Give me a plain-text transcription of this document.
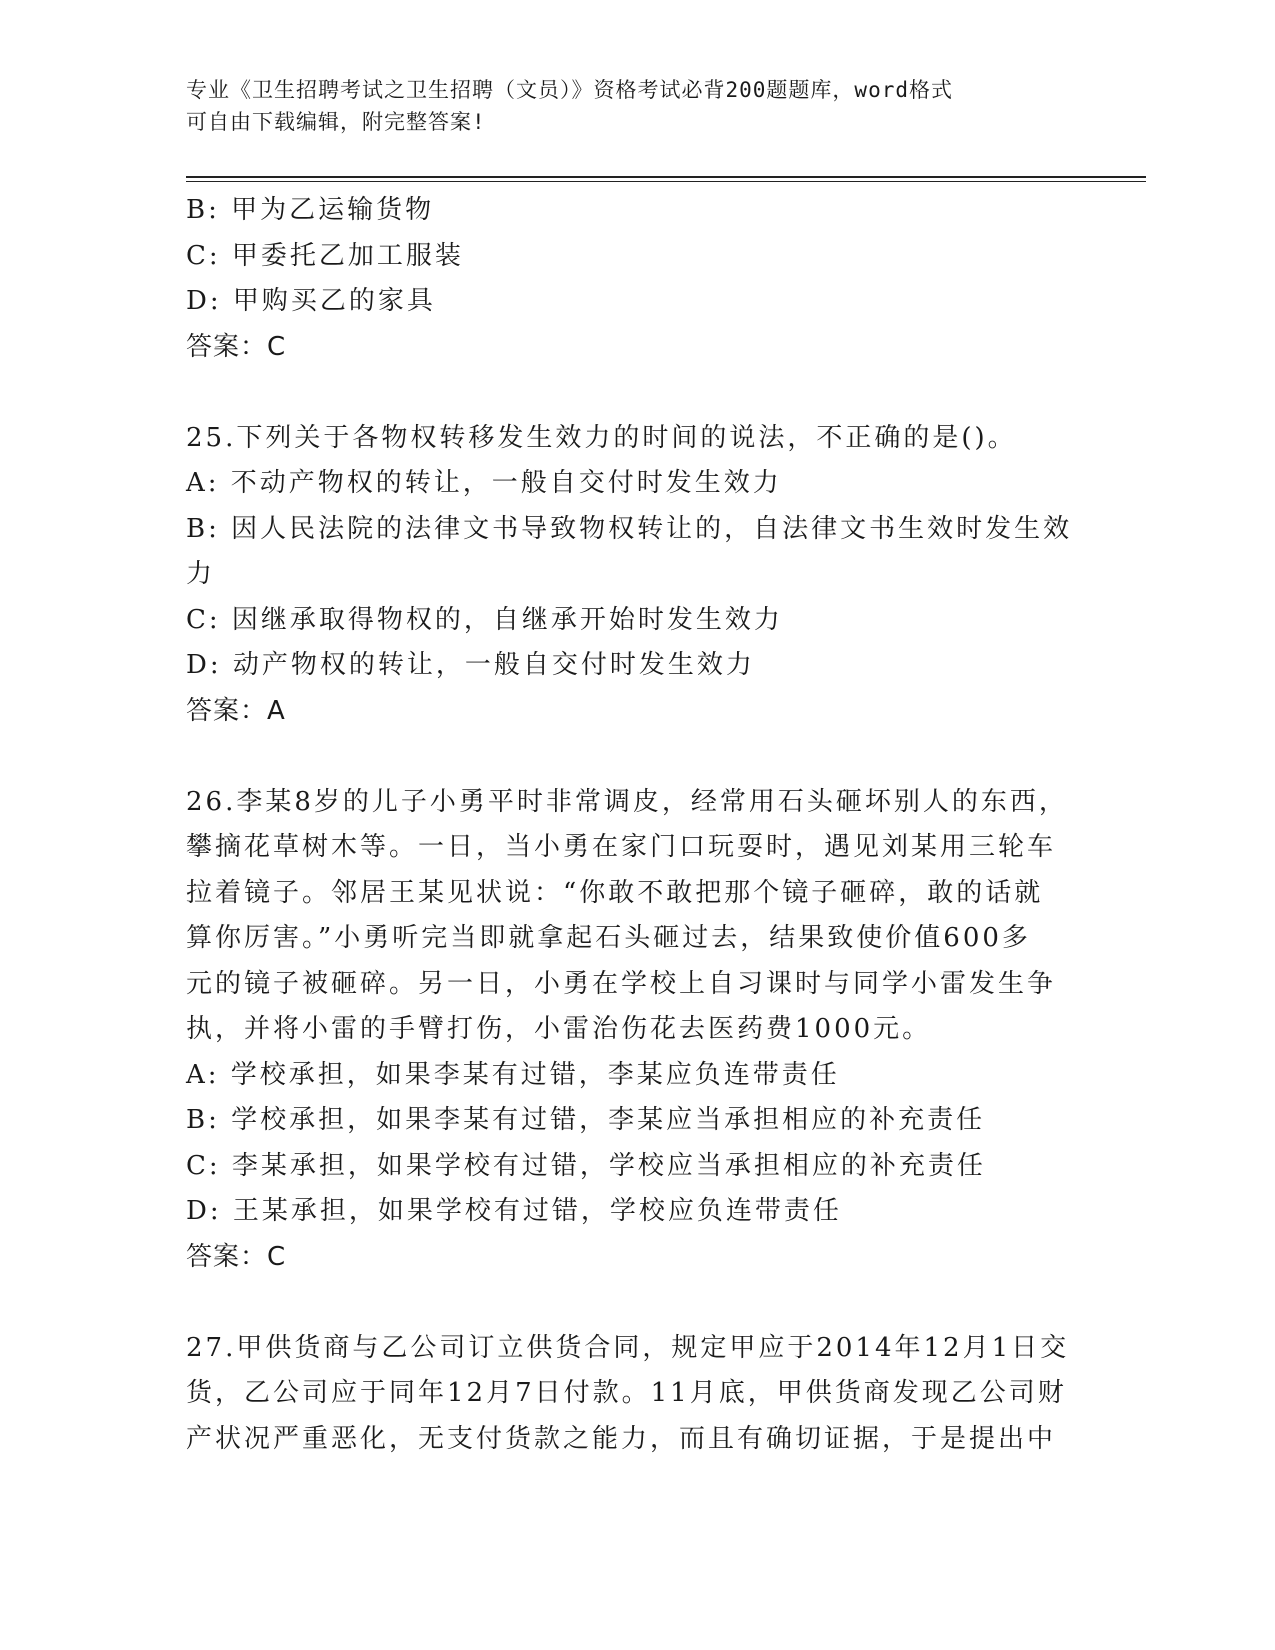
专业《卫生招聘考试之卫生招聘（文员）》资格考试必背200题题库，word格式
可自由下载编辑，附完整答案!
B: 甲为乙运输货物
C: 甲委托乙加工服装
D: 甲购买乙的家具
答案：C
25.下列关于各物权转移发生效力的时间的说法，不正确的是()。
A: 不动产物权的转让，一般自交付时发生效力
B: 因人民法院的法律文书导致物权转让的，自法律文书生效时发生效
力
C: 因继承取得物权的，自继承开始时发生效力
D: 动产物权的转让，一般自交付时发生效力
答案：A
26.李某8岁的儿子小勇平时非常调皮，经常用石头砸坏别人的东西，
攀摘花草树木等。一日，当小勇在家门口玩耍时，遇见刘某用三轮车
拉着镜子。邻居王某见状说：“你敢不敢把那个镜子砸碎，敢的话就
算你厉害。”小勇听完当即就拿起石头砸过去，结果致使价值600多
元的镜子被砸碎。另一日，小勇在学校上自习课时与同学小雷发生争
执，并将小雷的手臂打伤，小雷治伤花去医药费1000元。
A: 学校承担，如果李某有过错，李某应负连带责任
B: 学校承担，如果李某有过错，李某应当承担相应的补充责任
C: 李某承担，如果学校有过错，学校应当承担相应的补充责任
D: 王某承担，如果学校有过错，学校应负连带责任
答案：C
27.甲供货商与乙公司订立供货合同，规定甲应于2014年12月1日交
货，乙公司应于同年12月7日付款。11月底，甲供货商发现乙公司财
产状况严重恶化，无支付货款之能力，而且有确切证据，于是提出中
